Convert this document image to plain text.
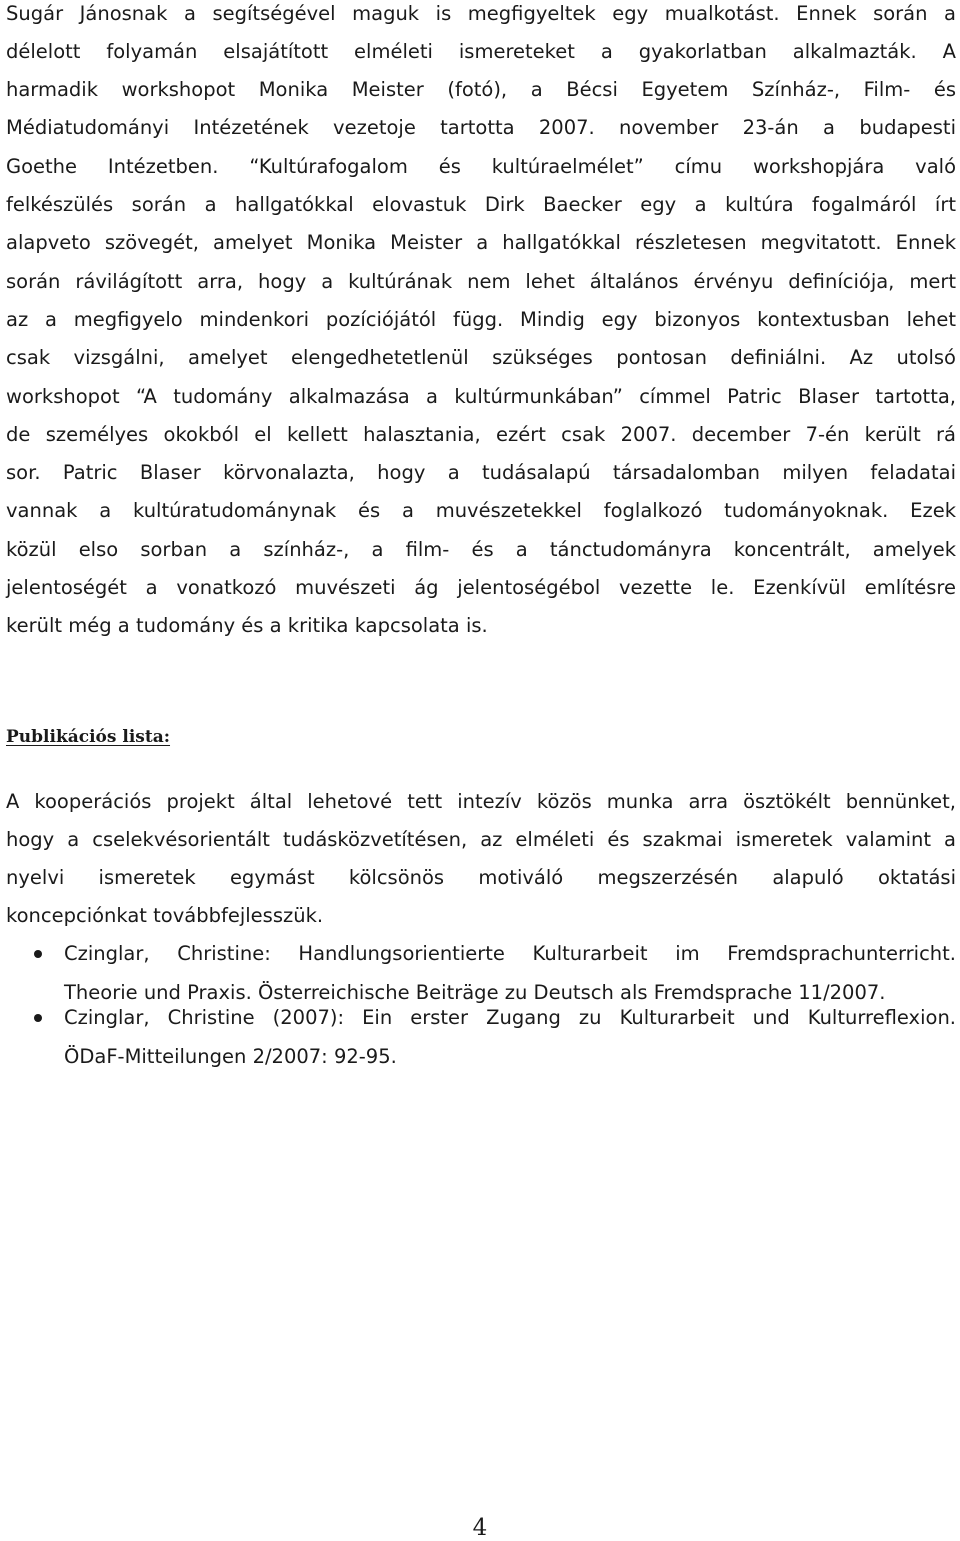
Sugár Jánosnak a segítségével maguk is megfigyeltek egy mualkotást. Ennek során a
délelott folyamán elsajátított elméleti ismereteket a gyakorlatban alkalmazták. A
harmadik workshopot Monika Meister (fotó), a Bécsi Egyetem Színház-, Film- és
Médiatudományi Intézetének vezetoje tartotta 2007. november 23-án a budapesti
Goethe Intézetben. “Kultúrafogalom és kultúraelmélet” címu workshopjára való
felkészülés során a hallgatókkal elovastuk Dirk Baecker egy a kultúra fogalmáról írt
alapveto szövegét, amelyet Monika Meister a hallgatókkal részletesen megvitatott. Ennek
során rávilágított arra, hogy a kultúrának nem lehet általános érvényu definíciója, mert
az a megfigyelo mindenkori pozíciójától függ. Mindig egy bizonyos kontextusban lehet
csak vizsgálni, amelyet elengedhetetlenül szükséges pontosan definiálni. Az utolsó
workshopot “A tudomány alkalmazása a kultúrmunkában” címmel Patric Blaser tartotta,
de személyes okokból el kellett halasztania, ezért csak 2007. december 7-én került rá
sor. Patric Blaser körvonalazta, hogy a tudásalapú társadalomban milyen feladatai
vannak a kultúratudománynak és a muvészetekkel foglalkozó tudományoknak. Ezek
közül elso sorban a színház-, a film- és a tánctudományra koncentrált, amelyek
jelentoségét a vonatkozó muvészeti ág jelentoségébol vezette le. Ezenkívül említésre
került még a tudomány és a kritika kapcsolata is.
Publikációs lista:
A kooperációs projekt által lehetové tett intezív közös munka arra ösztökélt bennünket,
hogy a cselekvésorientált tudásközvetítésen, az elméleti és szakmai ismeretek valamint a
nyelvi ismeretek egymást kölcsönös motiváló megszerzésén alapuló oktatási
koncepciónkat továbbfejlesszük.
Czinglar, Christine: Handlungsorientierte Kulturarbeit im Fremdsprachunterricht.
Theorie und Praxis. Österreichische Beiträge zu Deutsch als Fremdsprache 11/2007.
Czinglar, Christine (2007): Ein erster Zugang zu Kulturarbeit und Kulturreflexion.
ÖDaF-Mitteilungen 2/2007: 92-95.
4
